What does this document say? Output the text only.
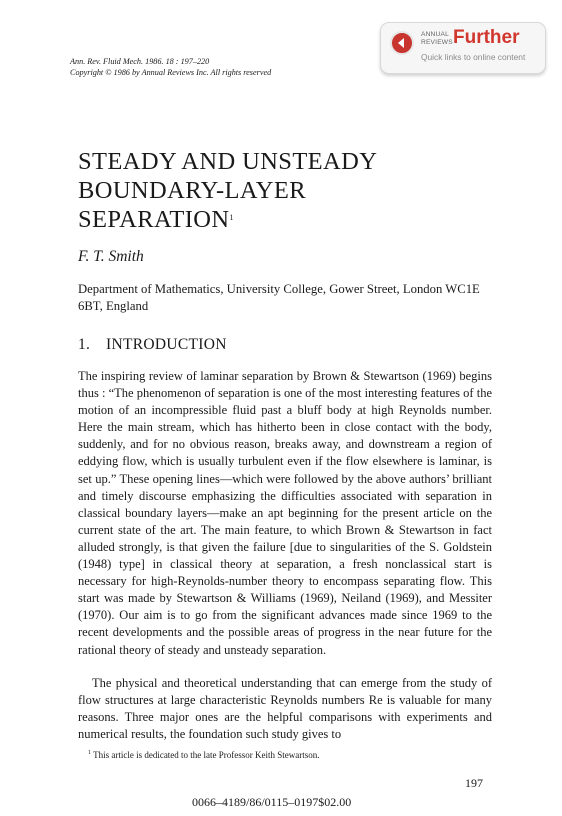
Ann. Rev. Fluid Mech. 1986. 18 : 197–220
Copyright © 1986 by Annual Reviews Inc. All rights reserved
ANNUAL
REVIEWS Further
Quick links to online content
STEADY AND UNSTEADY
BOUNDARY-LAYER
SEPARATION$^1$
F. T. Smith
Department of Mathematics, University College, Gower Street, London WC1E 6BT, England
1. INTRODUCTION
The inspiring review of laminar separation by Brown & Stewartson (1969) begins thus : “The phenomenon of separation is one of the most interesting features of the motion of an incompressible fluid past a bluff body at high Reynolds number. Here the main stream, which has hitherto been in close contact with the body, suddenly, and for no obvious reason, breaks away, and downstream a region of eddying flow, which is usually turbulent even if the flow elsewhere is laminar, is set up.” These opening lines—which were followed by the above authors’ brilliant and timely discourse emphasizing the difficulties associated with separation in classical boundary layers—make an apt beginning for the present article on the current state of the art. The main feature, to which Brown & Stewartson in fact alluded strongly, is that given the failure [due to singularities of the S. Goldstein (1948) type] in classical theory at separation, a fresh nonclassical start is necessary for high-Reynolds-number theory to encompass separating flow. This start was made by Stewartson & Williams (1969), Neiland (1969), and Messiter (1970). Our aim is to go from the significant advances made since 1969 to the recent developments and the possible areas of progress in the near future for the rational theory of steady and unsteady separation.
The physical and theoretical understanding that can emerge from the study of flow structures at large characteristic Reynolds numbers Re is valuable for many reasons. Three major ones are the helpful comparisons with experiments and numerical results, the foundation such study gives to
$^1$ This article is dedicated to the late Professor Keith Stewartson.
197
0066–4189/86/0115–0197$02.00
